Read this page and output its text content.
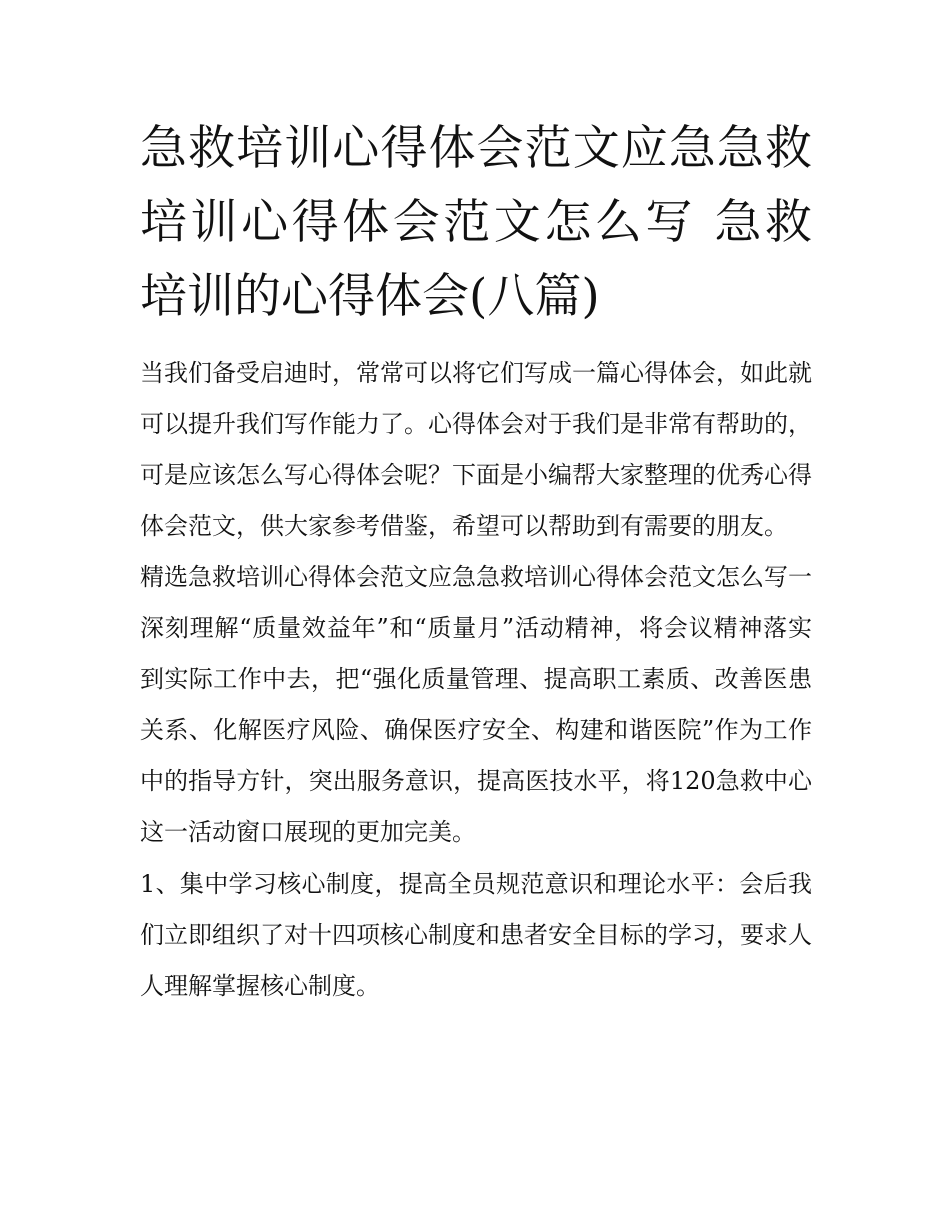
急救培训心得体会范文应急急救培训心得体会范文怎么写 急救培训的心得体会(八篇)

当我们备受启迪时，常常可以将它们写成一篇心得体会，如此就可以提升我们写作能力了。心得体会对于我们是非常有帮助的，可是应该怎么写心得体会呢？下面是小编帮大家整理的优秀心得体会范文，供大家参考借鉴，希望可以帮助到有需要的朋友。

精选急救培训心得体会范文应急急救培训心得体会范文怎么写一

深刻理解“质量效益年”和“质量月”活动精神，将会议精神落实到实际工作中去，把“强化质量管理、提高职工素质、改善医患关系、化解医疗风险、确保医疗安全、构建和谐医院”作为工作中的指导方针，突出服务意识，提高医技水平，将120急救中心这一活动窗口展现的更加完美。

1、集中学习核心制度，提高全员规范意识和理论水平：会后我们立即组织了对十四项核心制度和患者安全目标的学习，要求人人理解掌握核心制度。
